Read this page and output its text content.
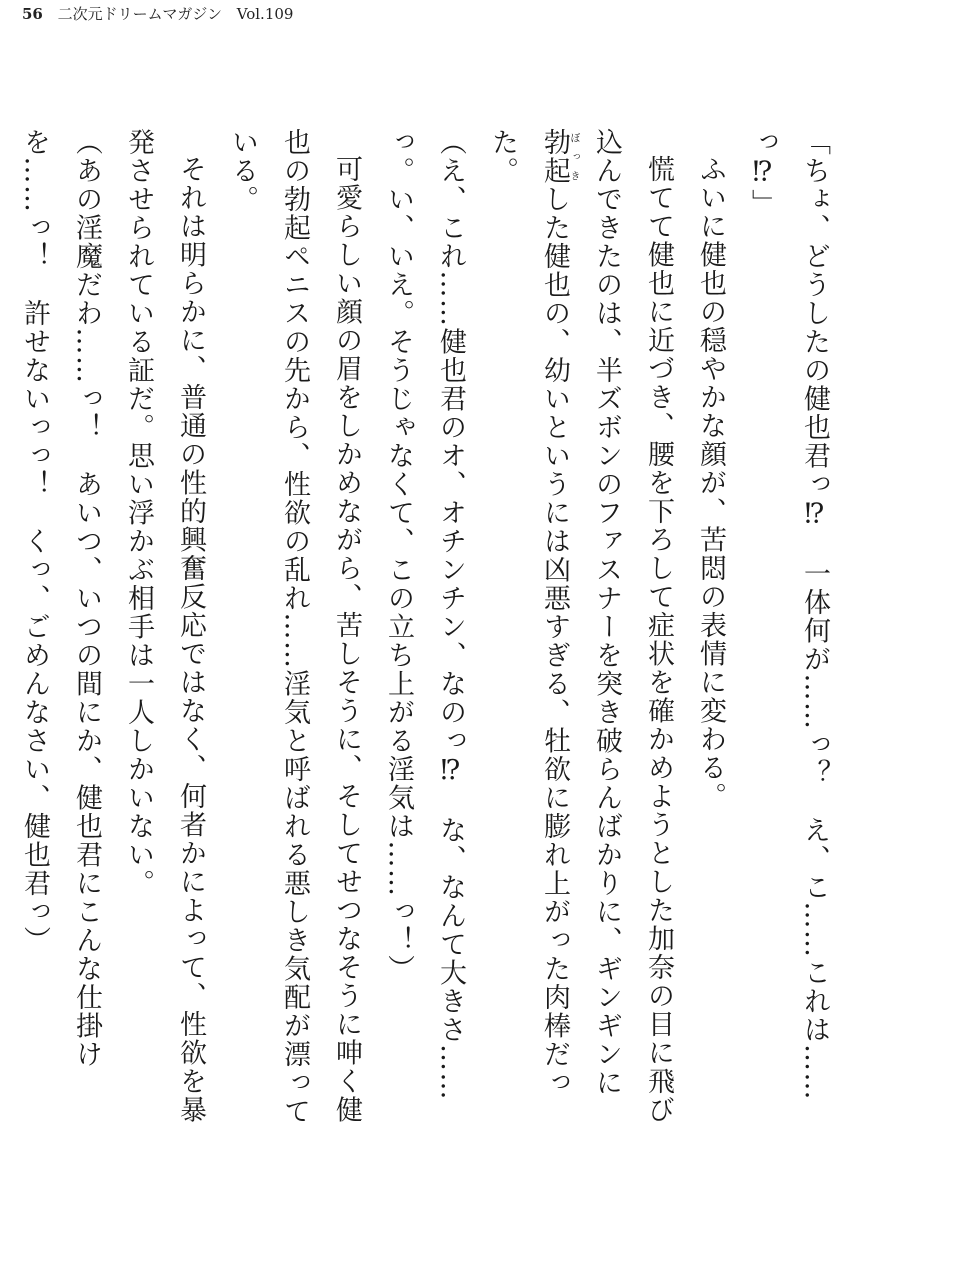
56 二次元ドリームマガジン Vol.109

「ちょ、どうしたの健也君っ⁉　一体何が……っ？　え、こ……これは……っ⁉」

ふいに健也の穏やかな顔が、苦悶の表情に変わる。

慌てて健也に近づき、腰を下ろして症状を確かめようとした加奈の目に飛び込んできたのは、半ズボンのファスナーを突き破らんばかりに、ギンギンに勃起ぼっきした健也の、幼いというには凶悪すぎる、牡欲に膨れ上がった肉棒だった。

（え、これ……健也君のオ、オチンチン、なのっ⁉　な、なんて大きさ……っ。い、いえ。そうじゃなくて、この立ち上がる淫気は……っ！）

可愛らしい顔の眉をしかめながら、苦しそうに、そしてせつなそうに呻く健也の勃起ペニスの先から、性欲の乱れ……淫気と呼ばれる悪しき気配が漂っている。

それは明らかに、普通の性的興奮反応ではなく、何者かによって、性欲を暴発させられている証だ。思い浮かぶ相手は一人しかいない。

（あの淫魔だわ……っ！　あいつ、いつの間にか、健也君にこんな仕掛けを……っ！　許せないっっ！　くっ、ごめんなさい、健也君っ）
